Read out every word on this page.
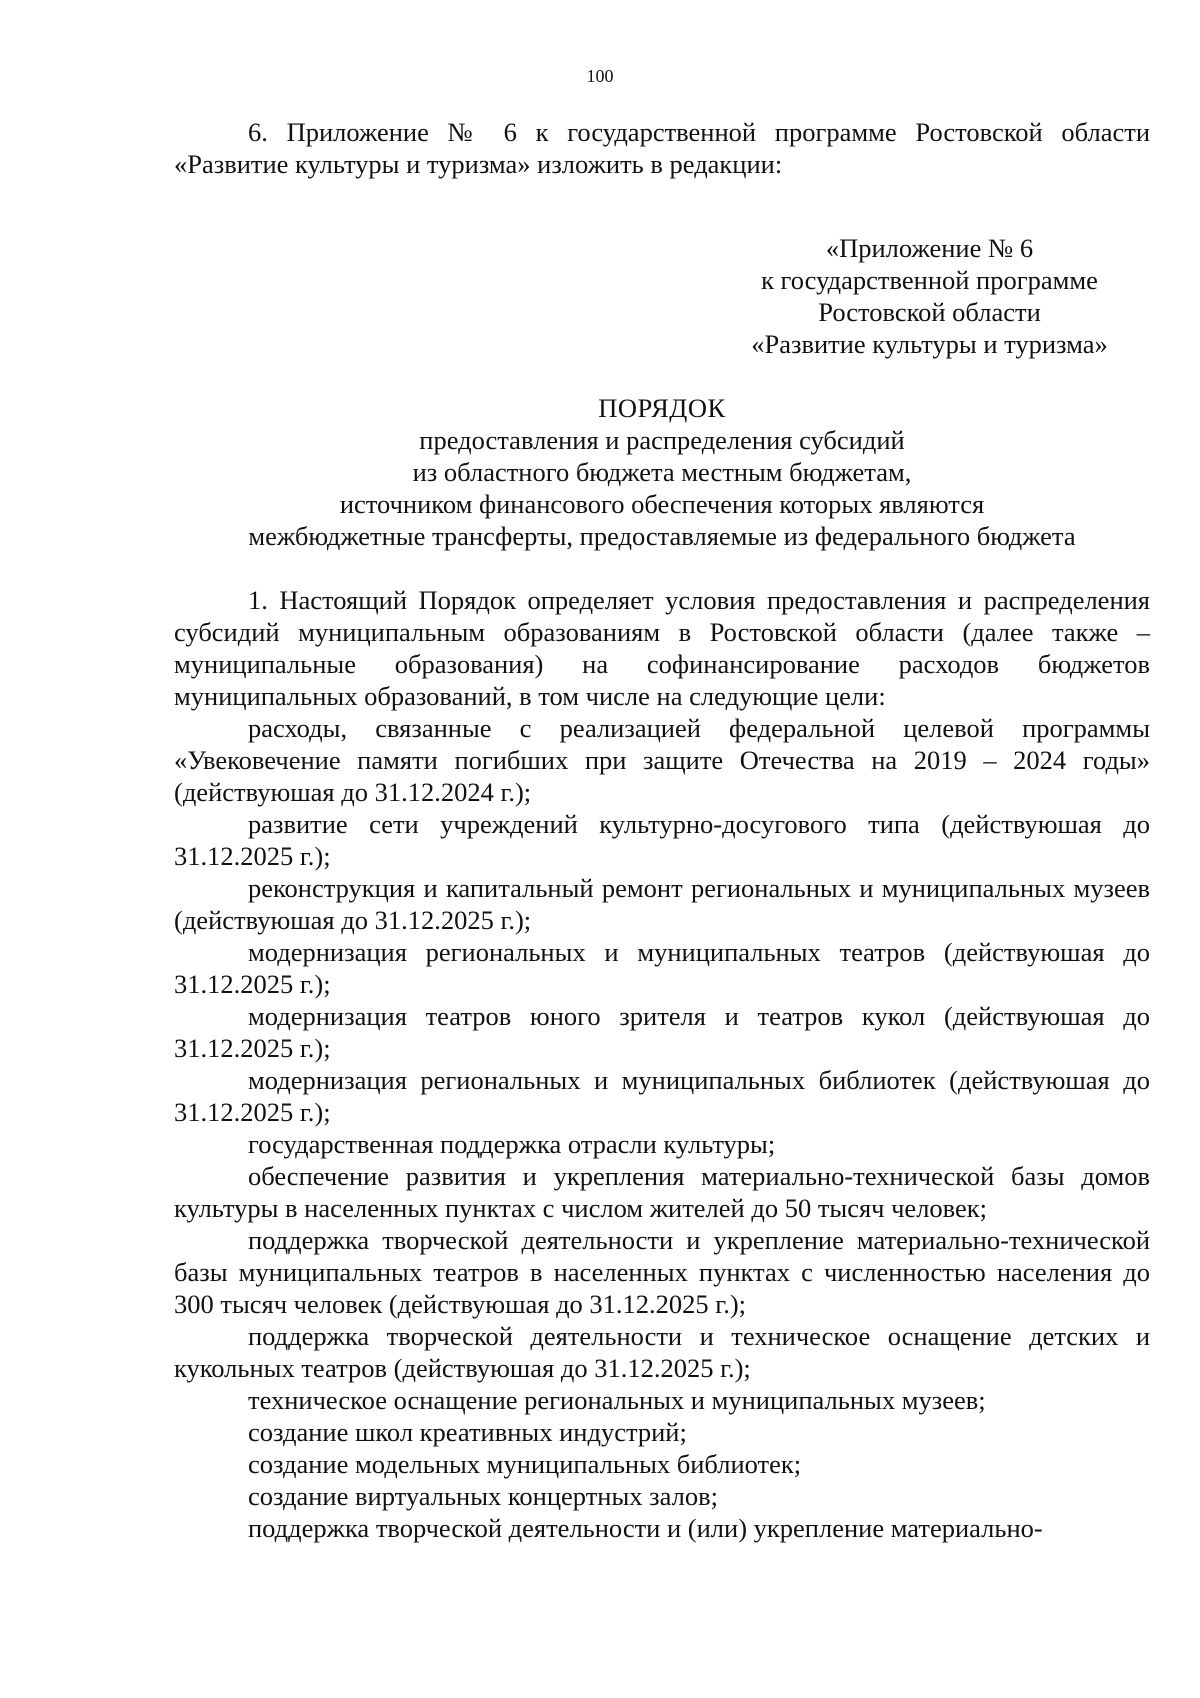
100

6. Приложение № 6 к государственной программе Ростовской области «Развитие культуры и туризма» изложить в редакции:

«Приложение № 6
к государственной программе
Ростовской области
«Развитие культуры и туризма»
ПОРЯДОК
предоставления и распределения субсидий
из областного бюджета местным бюджетам,
источником финансового обеспечения которых являются
межбюджетные трансферты, предоставляемые из федерального бюджета

1. Настоящий Порядок определяет условия предоставления и распределения субсидий муниципальным образованиям в Ростовской области (далее также – муниципальные образования) на софинансирование расходов бюджетов муниципальных образований, в том числе на следующие цели:

расходы, связанные с реализацией федеральной целевой программы «Увековечение памяти погибших при защите Отечества на 2019 – 2024 годы» (действуюшая до 31.12.2024 г.);

развитие сети учреждений культурно-досугового типа (действуюшая до 31.12.2025 г.);

реконструкция и капитальный ремонт региональных и муниципальных музеев (действуюшая до 31.12.2025 г.);

модернизация региональных и муниципальных театров (действуюшая до 31.12.2025 г.);

модернизация театров юного зрителя и театров кукол (действуюшая до 31.12.2025 г.);

модернизация региональных и муниципальных библиотек (действуюшая до 31.12.2025 г.);

государственная поддержка отрасли культуры;

обеспечение развития и укрепления материально-технической базы домов культуры в населенных пунктах с числом жителей до 50 тысяч человек;

поддержка творческой деятельности и укрепление материально-технической базы муниципальных театров в населенных пунктах с численностью населения до 300 тысяч человек (действуюшая до 31.12.2025 г.);

поддержка творческой деятельности и техническое оснащение детских и кукольных театров (действуюшая до 31.12.2025 г.);

техническое оснащение региональных и муниципальных музеев;

создание школ креативных индустрий;

создание модельных муниципальных библиотек;

создание виртуальных концертных залов;

поддержка творческой деятельности и (или) укрепление материально-
